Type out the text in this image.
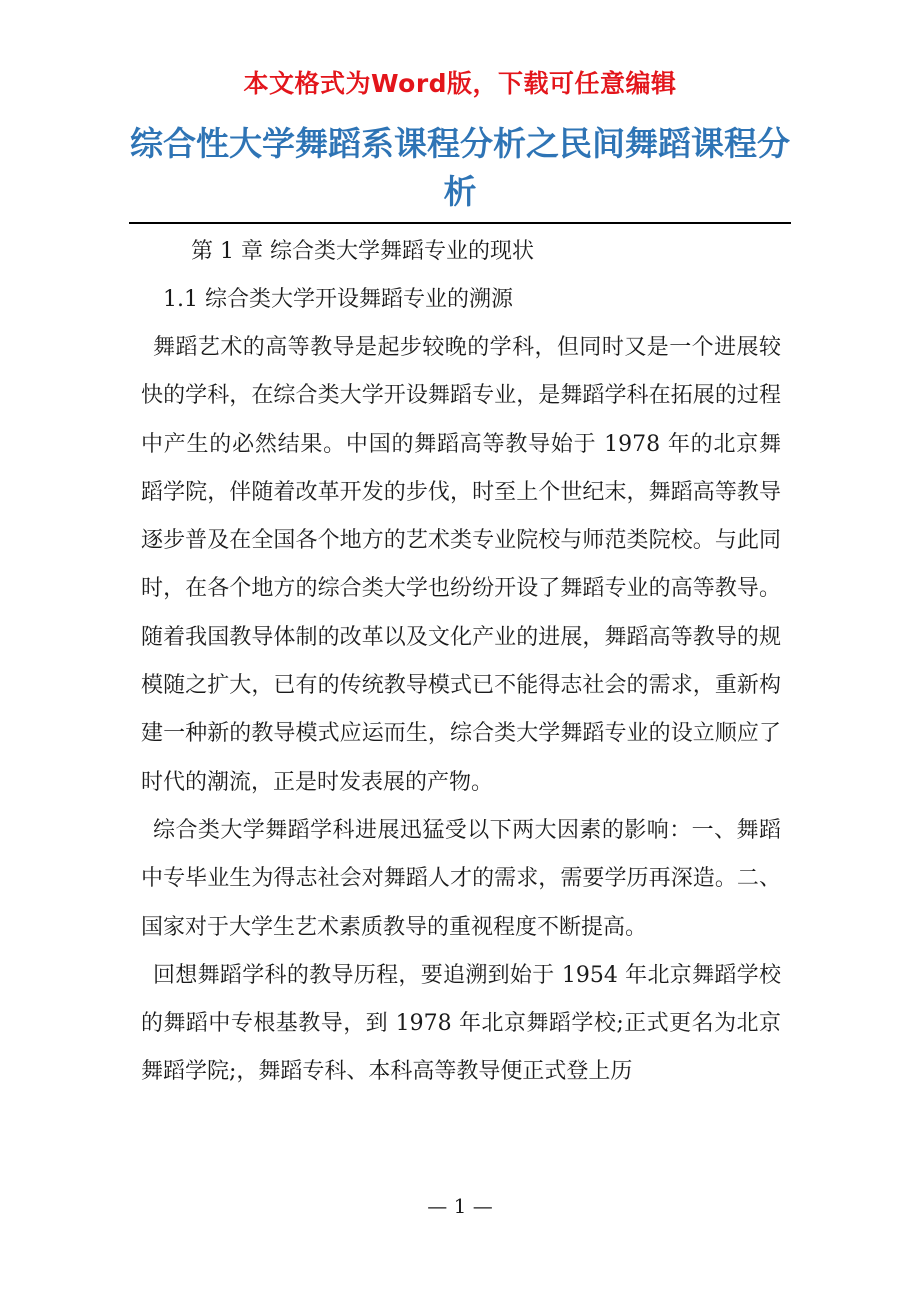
本文格式为Word版，下载可任意编辑
综合性大学舞蹈系课程分析之民间舞蹈课程分析

第 1 章 综合类大学舞蹈专业的现状

1.1 综合类大学开设舞蹈专业的溯源

舞蹈艺术的高等教导是起步较晚的学科，但同时又是一个进展较快的学科，在综合类大学开设舞蹈专业，是舞蹈学科在拓展的过程中产生的必然结果。中国的舞蹈高等教导始于 1978 年的北京舞蹈学院，伴随着改革开发的步伐，时至上个世纪末，舞蹈高等教导逐步普及在全国各个地方的艺术类专业院校与师范类院校。与此同时，在各个地方的综合类大学也纷纷开设了舞蹈专业的高等教导。随着我国教导体制的改革以及文化产业的进展，舞蹈高等教导的规模随之扩大，已有的传统教导模式已不能得志社会的需求，重新构建一种新的教导模式应运而生，综合类大学舞蹈专业的设立顺应了时代的潮流，正是时发表展的产物。

综合类大学舞蹈学科进展迅猛受以下两大因素的影响：一、舞蹈中专毕业生为得志社会对舞蹈人才的需求，需要学历再深造。二、国家对于大学生艺术素质教导的重视程度不断提高。

回想舞蹈学科的教导历程，要追溯到始于 1954 年北京舞蹈学校的舞蹈中专根基教导，到 1978 年北京舞蹈学校;正式更名为北京舞蹈学院;，舞蹈专科、本科高等教导便正式登上历

— 1 —
